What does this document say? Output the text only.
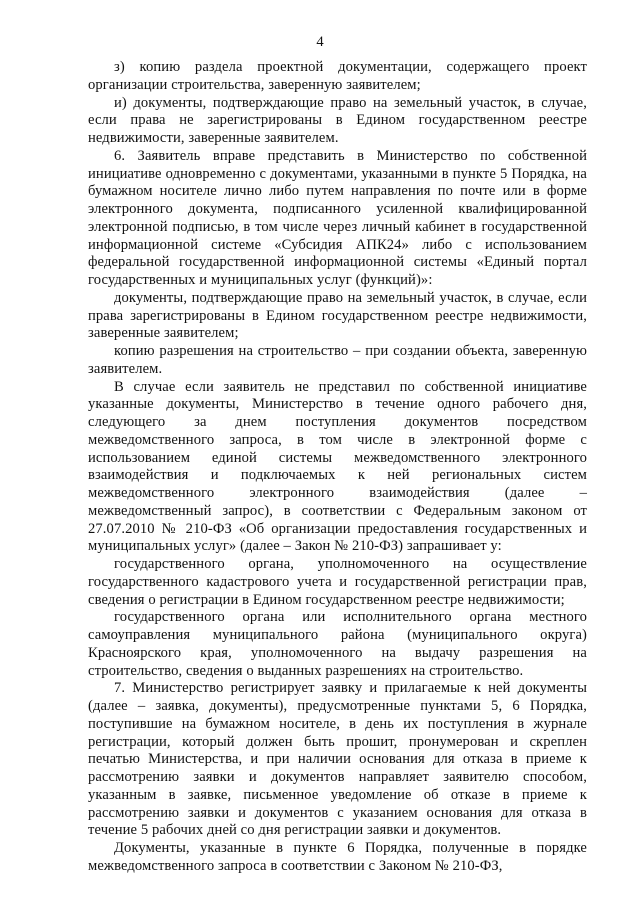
4

з) копию раздела проектной документации, содержащего проект организации строительства, заверенную заявителем;

и) документы, подтверждающие право на земельный участок, в случае, если права не зарегистрированы в Едином государственном реестре недвижимости, заверенные заявителем.

6. Заявитель вправе представить в Министерство по собственной инициативе одновременно с документами, указанными в пункте 5 Порядка, на бумажном носителе лично либо путем направления по почте или в форме электронного документа, подписанного усиленной квалифицированной электронной подписью, в том числе через личный кабинет в государственной информационной системе «Субсидия АПК24» либо с использованием федеральной государственной информационной системы «Единый портал государственных и муниципальных услуг (функций)»:

документы, подтверждающие право на земельный участок, в случае, если права зарегистрированы в Едином государственном реестре недвижимости, заверенные заявителем;

копию разрешения на строительство – при создании объекта, заверенную заявителем.

В случае если заявитель не представил по собственной инициативе указанные документы, Министерство в течение одного рабочего дня, следующего за днем поступления документов посредством межведомственного запроса, в том числе в электронной форме с использованием единой системы межведомственного электронного взаимодействия и подключаемых к ней региональных систем межведомственного электронного взаимодействия (далее – межведомственный запрос), в соответствии с Федеральным законом от 27.07.2010 № 210-ФЗ «Об организации предоставления государственных и муниципальных услуг» (далее – Закон № 210-ФЗ) запрашивает у:

государственного органа, уполномоченного на осуществление государственного кадастрового учета и государственной регистрации прав, сведения о регистрации в Едином государственном реестре недвижимости;

государственного органа или исполнительного органа местного самоуправления муниципального района (муниципального округа) Красноярского края, уполномоченного на выдачу разрешения на строительство, сведения о выданных разрешениях на строительство.

7. Министерство регистрирует заявку и прилагаемые к ней документы (далее – заявка, документы), предусмотренные пунктами 5, 6 Порядка, поступившие на бумажном носителе, в день их поступления в журнале регистрации, который должен быть прошит, пронумерован и скреплен печатью Министерства, и при наличии основания для отказа в приеме к рассмотрению заявки и документов направляет заявителю способом, указанным в заявке, письменное уведомление об отказе в приеме к рассмотрению заявки и документов с указанием основания для отказа в течение 5 рабочих дней со дня регистрации заявки и документов.

Документы, указанные в пункте 6 Порядка, полученные в порядке межведомственного запроса в соответствии с Законом № 210-ФЗ,
